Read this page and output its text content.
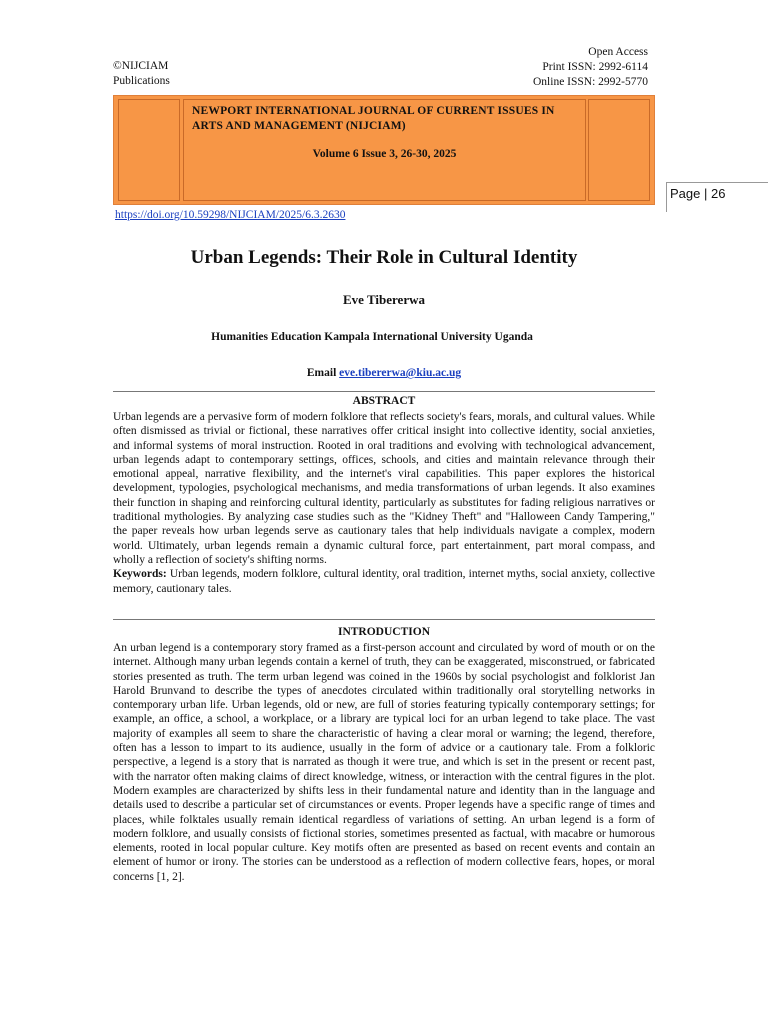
©NIJCIAM
Publications
Open Access
Print ISSN: 2992-6114
Online ISSN: 2992-5770
NEWPORT INTERNATIONAL JOURNAL OF CURRENT ISSUES IN ARTS AND MANAGEMENT (NIJCIAM)
Volume 6 Issue 3, 26-30, 2025
Page | 26
https://doi.org/10.59298/NIJCIAM/2025/6.3.2630
Urban Legends: Their Role in Cultural Identity
Eve Tibererwa
Humanities Education Kampala International University Uganda
Email eve.tibererwa@kiu.ac.ug
ABSTRACT
Urban legends are a pervasive form of modern folklore that reflects society's fears, morals, and cultural values. While often dismissed as trivial or fictional, these narratives offer critical insight into collective identity, social anxieties, and informal systems of moral instruction. Rooted in oral traditions and evolving with technological advancement, urban legends adapt to contemporary settings, offices, schools, and cities and maintain relevance through their emotional appeal, narrative flexibility, and the internet's viral capabilities. This paper explores the historical development, typologies, psychological mechanisms, and media transformations of urban legends. It also examines their function in shaping and reinforcing cultural identity, particularly as substitutes for fading religious narratives or traditional mythologies. By analyzing case studies such as the "Kidney Theft" and "Halloween Candy Tampering," the paper reveals how urban legends serve as cautionary tales that help individuals navigate a complex, modern world. Ultimately, urban legends remain a dynamic cultural force, part entertainment, part moral compass, and wholly a reflection of society's shifting norms.
Keywords: Urban legends, modern folklore, cultural identity, oral tradition, internet myths, social anxiety, collective memory, cautionary tales.
INTRODUCTION
An urban legend is a contemporary story framed as a first-person account and circulated by word of mouth or on the internet. Although many urban legends contain a kernel of truth, they can be exaggerated, misconstrued, or fabricated stories presented as truth. The term urban legend was coined in the 1960s by social psychologist and folklorist Jan Harold Brunvand to describe the types of anecdotes circulated within traditionally oral storytelling networks in contemporary urban life. Urban legends, old or new, are full of stories featuring typically contemporary settings; for example, an office, a school, a workplace, or a library are typical loci for an urban legend to take place. The vast majority of examples all seem to share the characteristic of having a clear moral or warning; the legend, therefore, often has a lesson to impart to its audience, usually in the form of advice or a cautionary tale. From a folkloric perspective, a legend is a story that is narrated as though it were true, and which is set in the present or recent past, with the narrator often making claims of direct knowledge, witness, or interaction with the central figures in the plot. Modern examples are characterized by shifts less in their fundamental nature and identity than in the language and details used to describe a particular set of circumstances or events. Proper legends have a specific range of times and places, while folktales usually remain identical regardless of variations of setting. An urban legend is a form of modern folklore, and usually consists of fictional stories, sometimes presented as factual, with macabre or humorous elements, rooted in local popular culture. Key motifs often are presented as based on recent events and contain an element of humor or irony. The stories can be understood as a reflection of modern collective fears, hopes, or moral concerns [1, 2].
